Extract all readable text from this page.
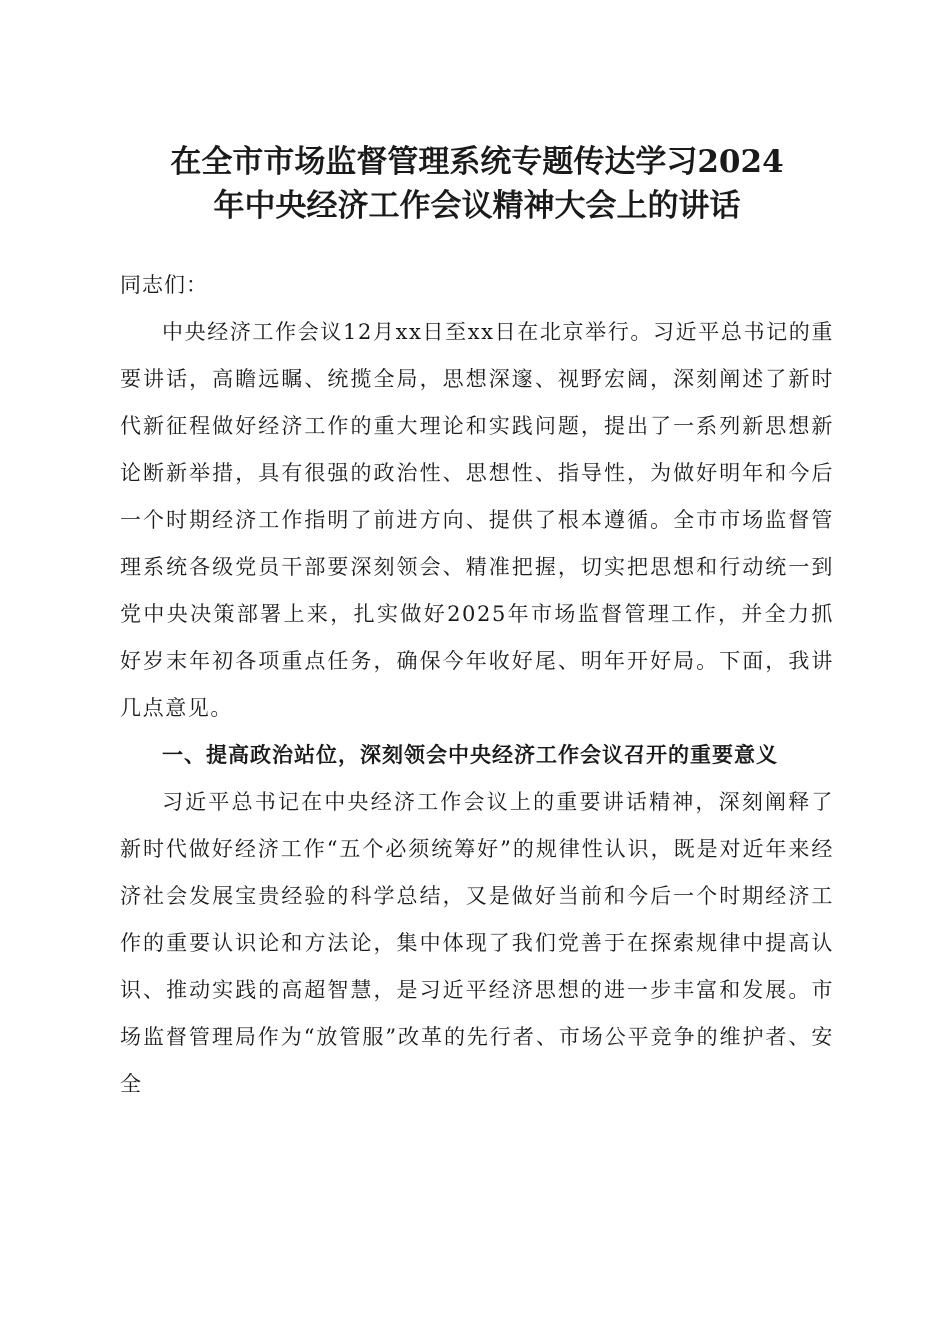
在全市市场监督管理系统专题传达学习2024
年中央经济工作会议精神大会上的讲话

同志们：

中央经济工作会议12月xx日至xx日在北京举行。习近平总书记的重要讲话，高瞻远瞩、统揽全局，思想深邃、视野宏阔，深刻阐述了新时代新征程做好经济工作的重大理论和实践问题，提出了一系列新思想新论断新举措，具有很强的政治性、思想性、指导性，为做好明年和今后一个时期经济工作指明了前进方向、提供了根本遵循。全市市场监督管理系统各级党员干部要深刻领会、精准把握，切实把思想和行动统一到党中央决策部署上来，扎实做好2025年市场监督管理工作，并全力抓好岁末年初各项重点任务，确保今年收好尾、明年开好局。下面，我讲几点意见。

一、提高政治站位，深刻领会中央经济工作会议召开的重要意义

习近平总书记在中央经济工作会议上的重要讲话精神，深刻阐释了新时代做好经济工作“五个必须统筹好”的规律性认识，既是对近年来经济社会发展宝贵经验的科学总结，又是做好当前和今后一个时期经济工作的重要认识论和方法论，集中体现了我们党善于在探索规律中提高认识、推动实践的高超智慧，是习近平经济思想的进一步丰富和发展。市场监督管理局作为“放管服”改革的先行者、市场公平竞争的维护者、安全
